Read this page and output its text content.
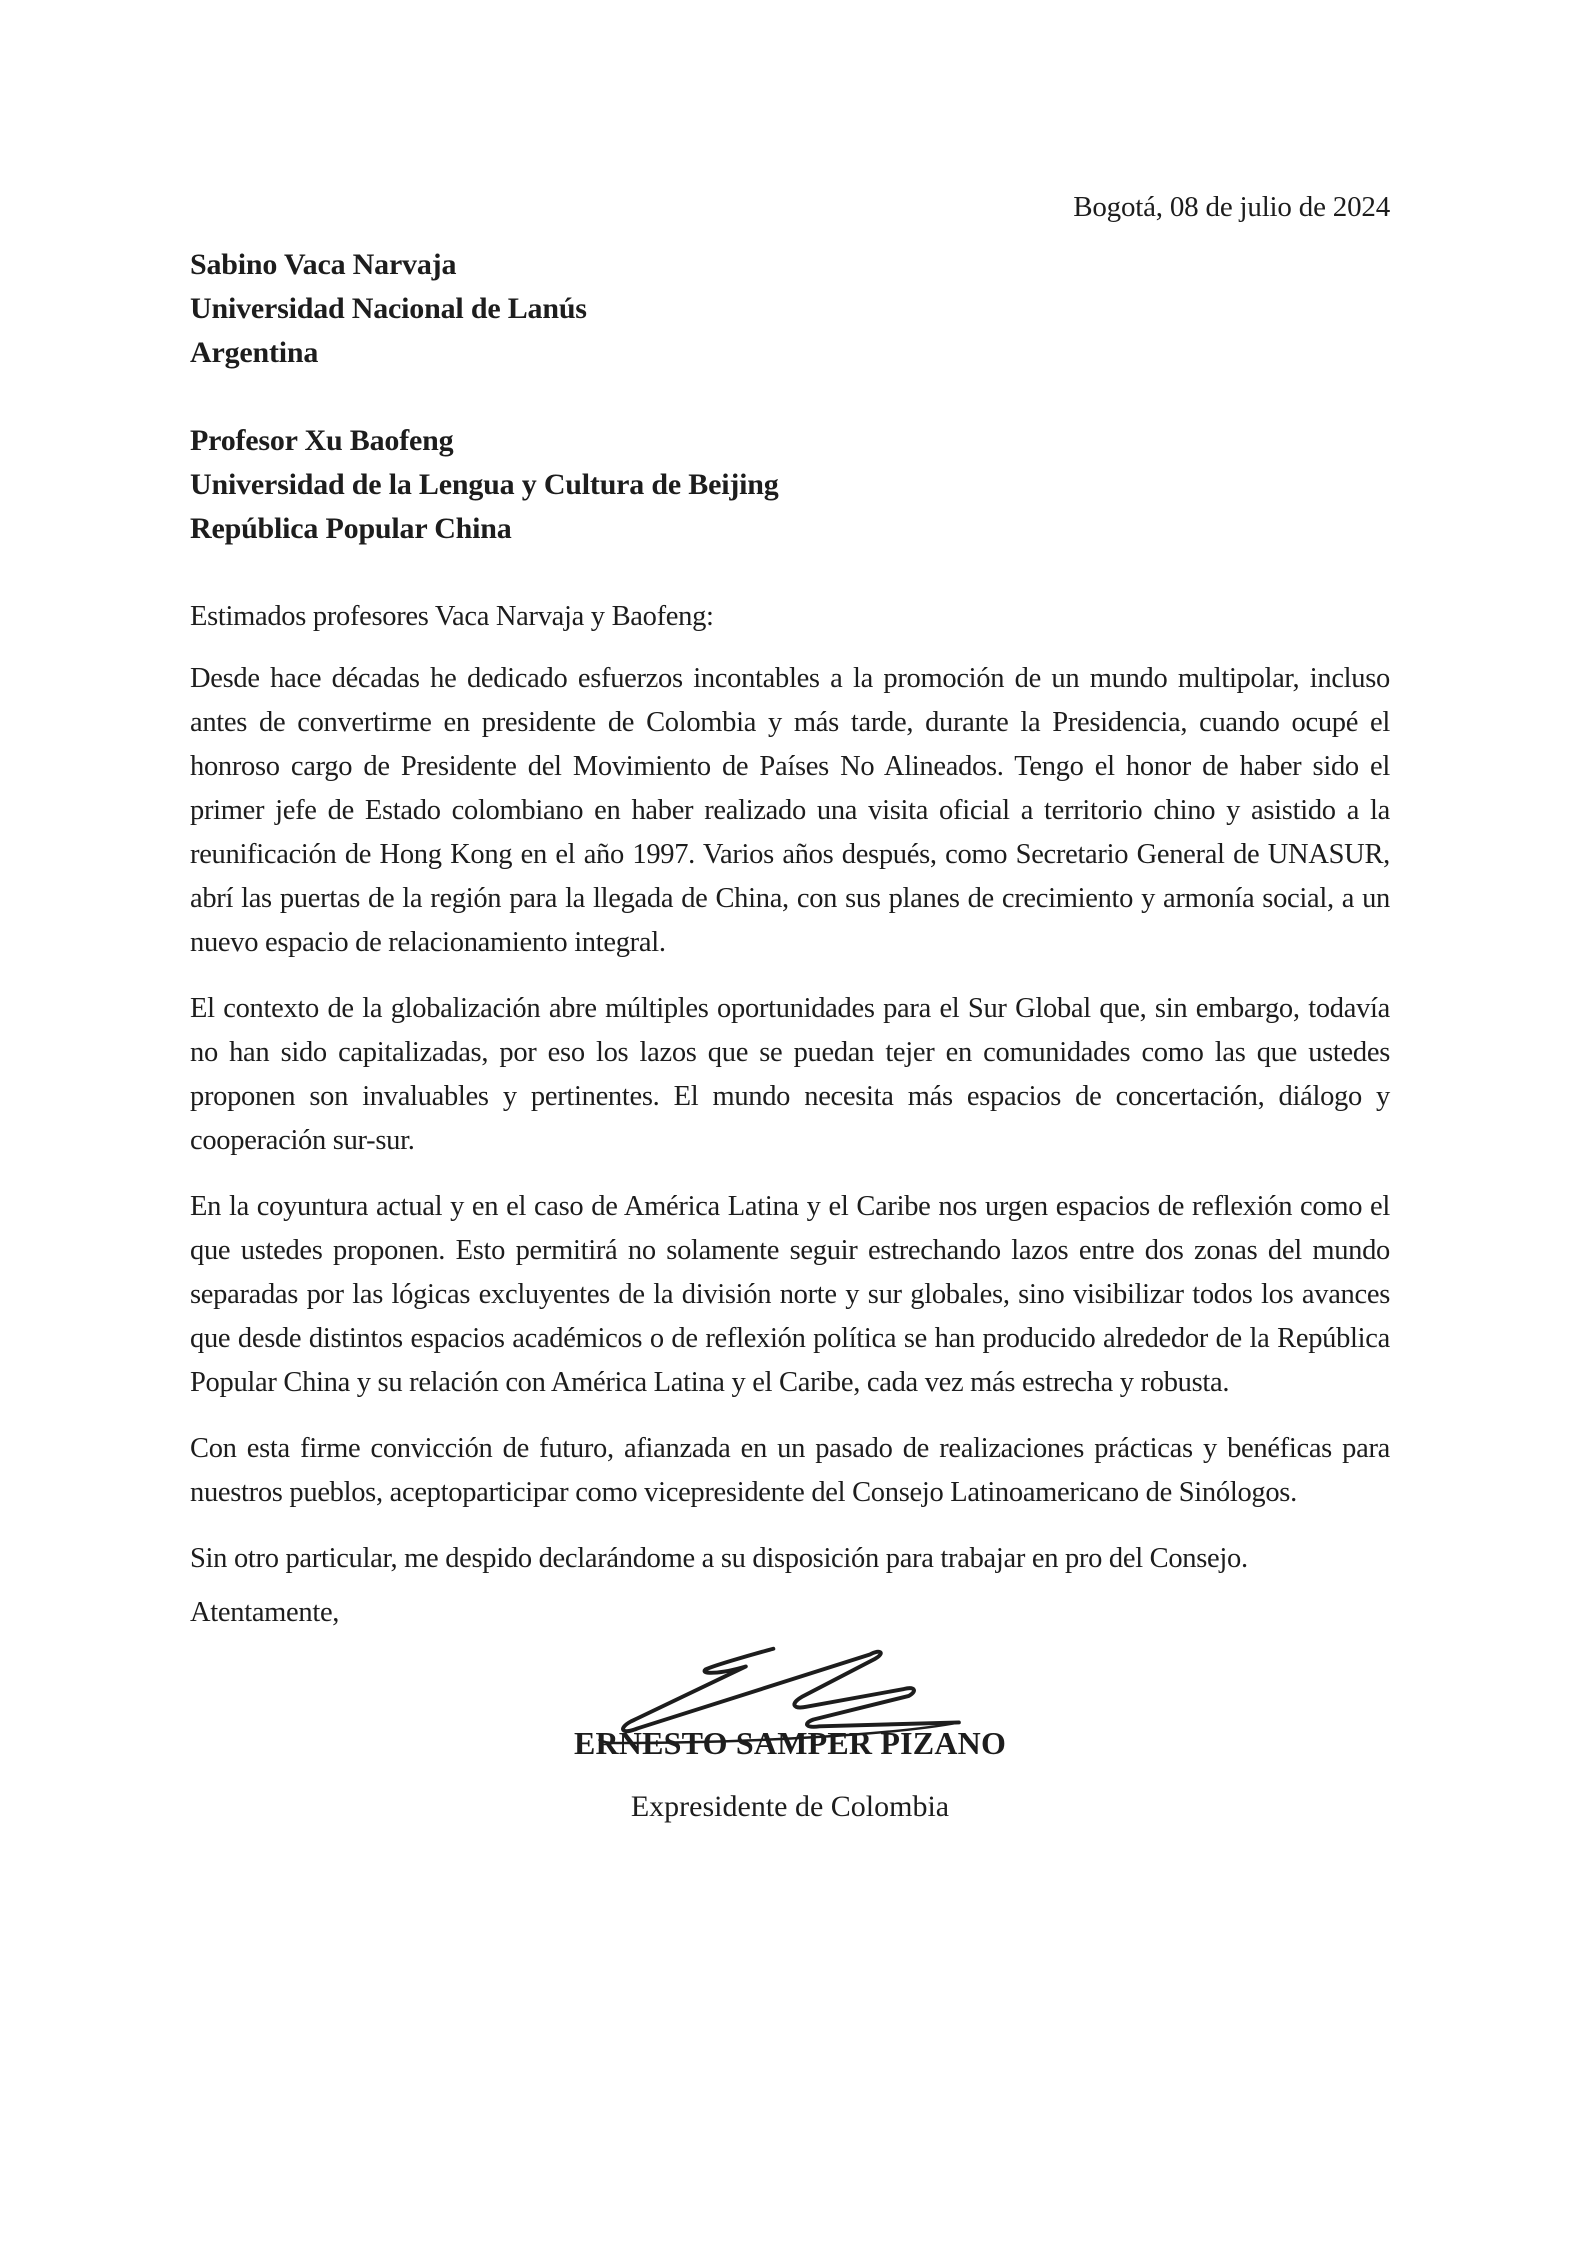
Bogotá, 08 de julio de 2024
Sabino Vaca Narvaja
Universidad Nacional de Lanús
Argentina
Profesor Xu Baofeng
Universidad de la Lengua y Cultura de Beijing
República Popular China
Estimados profesores Vaca Narvaja y Baofeng:

Desde hace décadas he dedicado esfuerzos incontables a la promoción de un mundo multipolar, incluso antes de convertirme en presidente de Colombia y más tarde, durante la Presidencia, cuando ocupé el honroso cargo de Presidente del Movimiento de Países No Alineados. Tengo el honor de haber sido el primer jefe de Estado colombiano en haber realizado una visita oficial a territorio chino y asistido a la reunificación de Hong Kong en el año 1997. Varios años después, como Secretario General de UNASUR, abrí las puertas de la región para la llegada de China, con sus planes de crecimiento y armonía social, a un nuevo espacio de relacionamiento integral.

El contexto de la globalización abre múltiples oportunidades para el Sur Global que, sin embargo, todavía no han sido capitalizadas, por eso los lazos que se puedan tejer en comunidades como las que ustedes proponen son invaluables y pertinentes. El mundo necesita más espacios de concertación, diálogo y cooperación sur-sur.

En la coyuntura actual y en el caso de América Latina y el Caribe nos urgen espacios de reflexión como el que ustedes proponen. Esto permitirá no solamente seguir estrechando lazos entre dos zonas del mundo separadas por las lógicas excluyentes de la división norte y sur globales, sino visibilizar todos los avances que desde distintos espacios académicos o de reflexión política se han producido alrededor de la República Popular China y su relación con América Latina y el Caribe, cada vez más estrecha y robusta.

Con esta firme convicción de futuro, afianzada en un pasado de realizaciones prácticas y benéficas para nuestros pueblos, aceptoparticipar como vicepresidente del Consejo Latinoamericano de Sinólogos.

Sin otro particular, me despido declarándome a su disposición para trabajar en pro del Consejo.

Atentamente,
ERNESTO SAMPER PIZANO
Expresidente de Colombia
